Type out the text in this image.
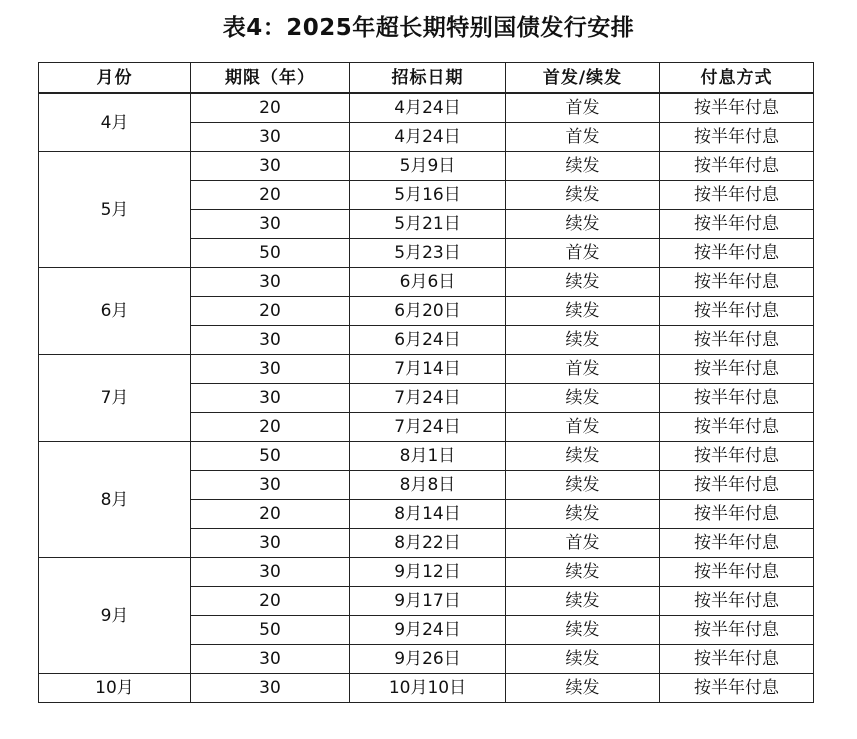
表4：2025年超长期特别国债发行安排
月份	期限（年）	招标日期	首发/续发	付息方式
4月	20	4月24日	首发	按半年付息
	30	4月24日	首发	按半年付息
5月	30	5月9日	续发	按半年付息
	20	5月16日	续发	按半年付息
	30	5月21日	续发	按半年付息
	50	5月23日	首发	按半年付息
6月	30	6月6日	续发	按半年付息
	20	6月20日	续发	按半年付息
	30	6月24日	续发	按半年付息
7月	30	7月14日	首发	按半年付息
	30	7月24日	续发	按半年付息
	20	7月24日	首发	按半年付息
8月	50	8月1日	续发	按半年付息
	30	8月8日	续发	按半年付息
	20	8月14日	续发	按半年付息
	30	8月22日	首发	按半年付息
9月	30	9月12日	续发	按半年付息
	20	9月17日	续发	按半年付息
	50	9月24日	续发	按半年付息
	30	9月26日	续发	按半年付息
10月	30	10月10日	续发	按半年付息
